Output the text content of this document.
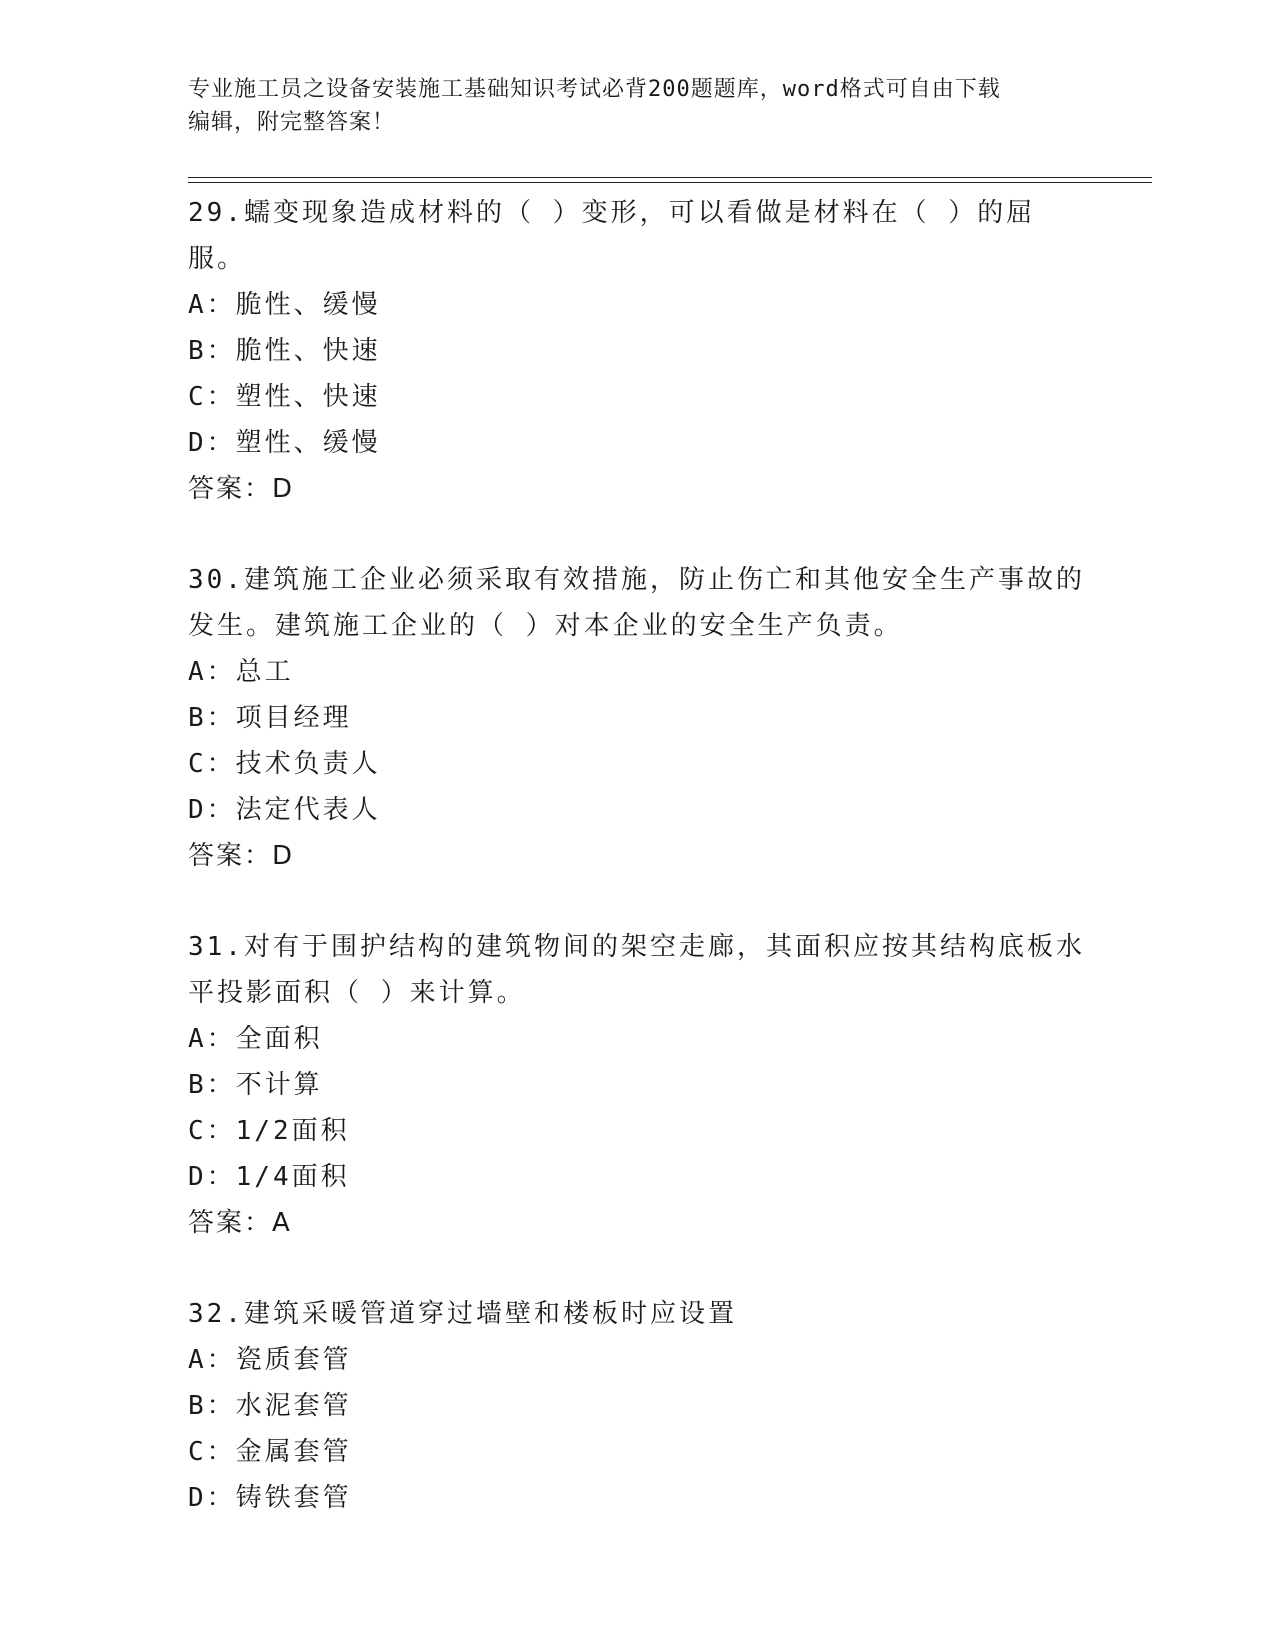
专业施工员之设备安装施工基础知识考试必背200题题库，word格式可自由下载
编辑，附完整答案！

29.蠕变现象造成材料的（ ）变形，可以看做是材料在（ ）的屈服。

A：脆性、缓慢

B：脆性、快速

C：塑性、快速

D：塑性、缓慢

答案：D

30.建筑施工企业必须采取有效措施，防止伤亡和其他安全生产事故的发生。建筑施工企业的（ ）对本企业的安全生产负责。

A：总工

B：项目经理

C：技术负责人

D：法定代表人

答案：D

31.对有于围护结构的建筑物间的架空走廊，其面积应按其结构底板水平投影面积（ ）来计算。

A：全面积

B：不计算

C：1/2面积

D：1/4面积

答案：A

32.建筑采暖管道穿过墙壁和楼板时应设置

A：瓷质套管

B：水泥套管

C：金属套管

D：铸铁套管
